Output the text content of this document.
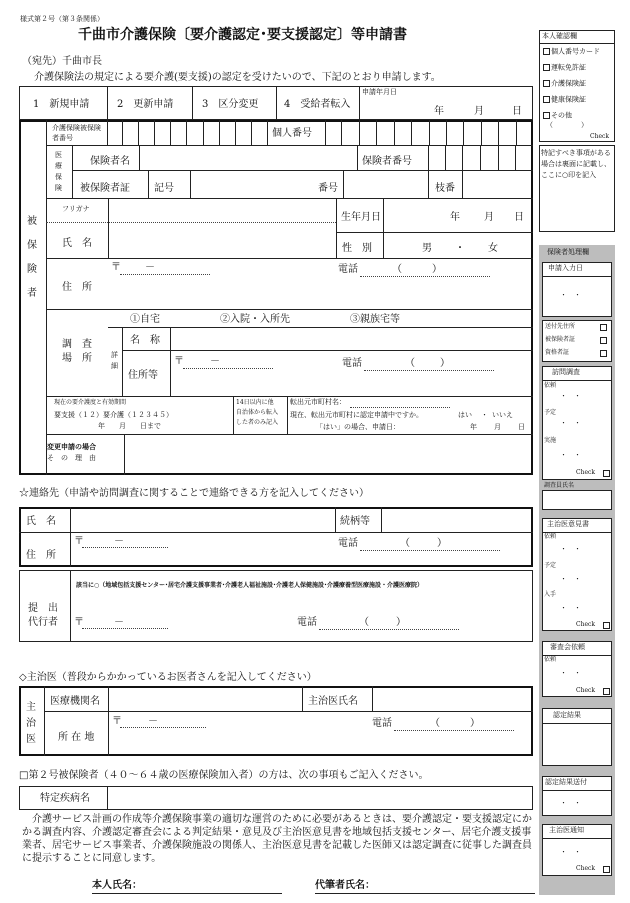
様式第２号（第３条関係）
千曲市介護保険〔要介護認定･要支援認定〕等申請書
（宛先）千曲市長
介護保険法の規定による要介護(要支援)の認定を受けたいので、下記のとおり申請します。
1　新規申請	2　更新申請	3　区分変更	4　受給者転入
申請年月日
年	月	日
被保険者
介護保険被保険者番号	個人番号
医療保険
保険者名	保険者番号
被保険者証 記号	番号	枝番
フリガナ
生年月日	年 月 日
氏　名	性　別	男 ・ 女
住　所
〒 －	電話	（	）
調　査場　所
①自宅	②入院・入所先	③親族宅等
詳細
名　称
住所等
〒	－	電話	（	）
現在の要介護度と有効期間
要支援（１２）要介護（１２３４５）
年　　月　　日まで
14日以内に他
自治体から転入
した者のみ記入
転出元市町村名：
現在、転出元市町村に認定申請中ですか。	はい ・ いいえ
「はい」の場合、申請日：	年 月 日
変更申請の場合
そ　の　理　由
☆連絡先（申請や訪問調査に関することで連絡できる方を記入してください）
氏　名	続柄等
住　所
〒	－	電話	（	）
該当に○（地域包括支援センター･居宅介護支援事業者･介護老人福祉施設･介護老人保健施設･介護療養型医療施設・介護医療院）
提　出
代行者 〒	－	電話	（	）
◇主治医（普段からかかっているお医者さんを記入してください）
主治医
医療機関名	主治医氏名
所 在 地
〒	－	電話	（	）
□第２号被保険者（４０～６４歳の医療保険加入者）の方は、次の事項もご記入ください。
特定疾病名
介護サービス計画の作成等介護保険事業の適切な運営のために必要があるときは、要介護認定・要支援認定にかかる調査内容、介護認定審査会による判定結果・意見及び主治医意見書を地域包括支援センター、居宅介護支援事業者、居宅サービス事業者、介護保険施設の関係人、主治医意見書を記載した医師又は認定調査に従事した調査員に提示することに同意します。
本人氏名：	代筆者氏名：
本人確認欄
個人番号カード
運転免許証
介護保険証
健康保険証
その他
（　　　　）
Check
特記すべき事項がある場合は裏面に記載し、ここに○印を記入
保険者処理欄
申請入力日
・　・
送付先住所
被保険者証
資格者証
訪問調査
依頼
・　・
予定
・　・
実施
・　・
Check
調査員氏名
主治医意見書
依頼
・　・
予定
・　・
入手
・　・
Check
審査会依頼
依頼
・　・
Check
認定結果
認定結果送付
・　・
主治医通知
・　・
Check
